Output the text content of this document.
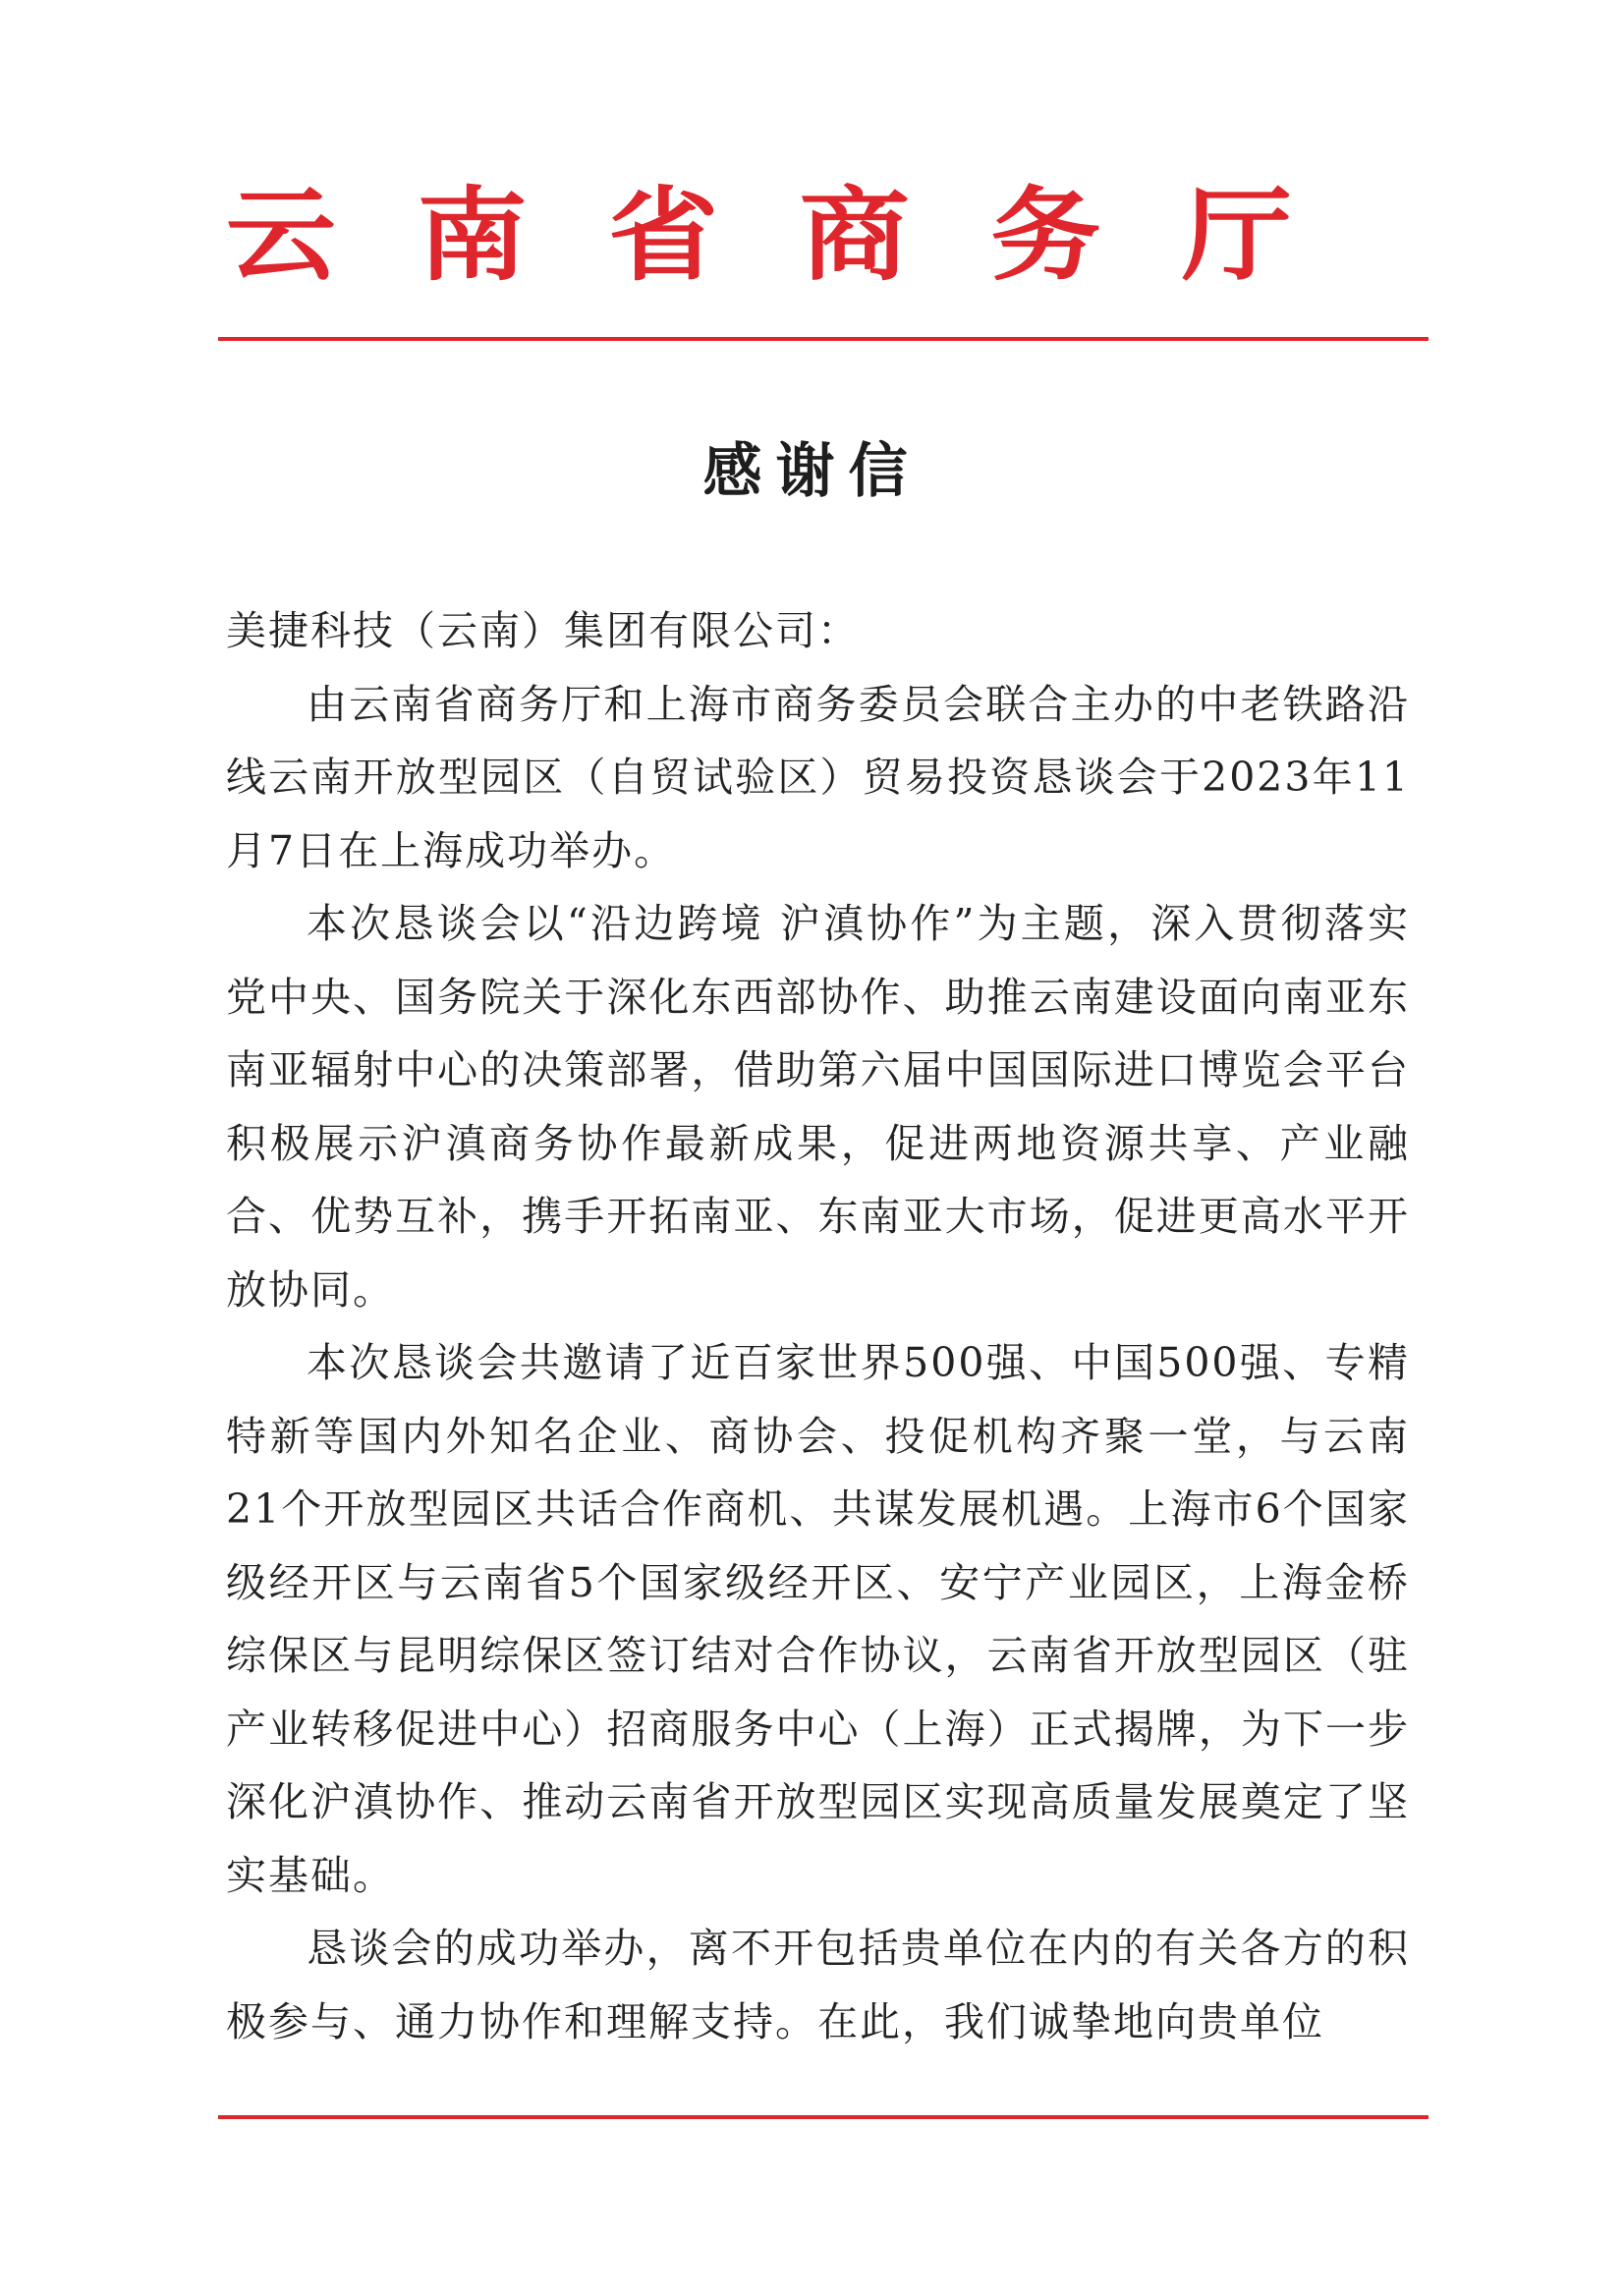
云 南 省 商 务 厅
感谢信

美捷科技（云南）集团有限公司：

由云南省商务厅和上海市商务委员会联合主办的中老铁路沿线云南开放型园区（自贸试验区）贸易投资恳谈会于2023年11月7日在上海成功举办。

本次恳谈会以“沿边跨境 沪滇协作”为主题，深入贯彻落实党中央、国务院关于深化东西部协作、助推云南建设面向南亚东南亚辐射中心的决策部署，借助第六届中国国际进口博览会平台积极展示沪滇商务协作最新成果，促进两地资源共享、产业融合、优势互补，携手开拓南亚、东南亚大市场，促进更高水平开放协同。

本次恳谈会共邀请了近百家世界500强、中国500强、专精特新等国内外知名企业、商协会、投促机构齐聚一堂，与云南21个开放型园区共话合作商机、共谋发展机遇。上海市6个国家级经开区与云南省5个国家级经开区、安宁产业园区，上海金桥综保区与昆明综保区签订结对合作协议，云南省开放型园区（驻产业转移促进中心）招商服务中心（上海）正式揭牌，为下一步深化沪滇协作、推动云南省开放型园区实现高质量发展奠定了坚实基础。

恳谈会的成功举办，离不开包括贵单位在内的有关各方的积极参与、通力协作和理解支持。在此，我们诚挚地向贵单位
